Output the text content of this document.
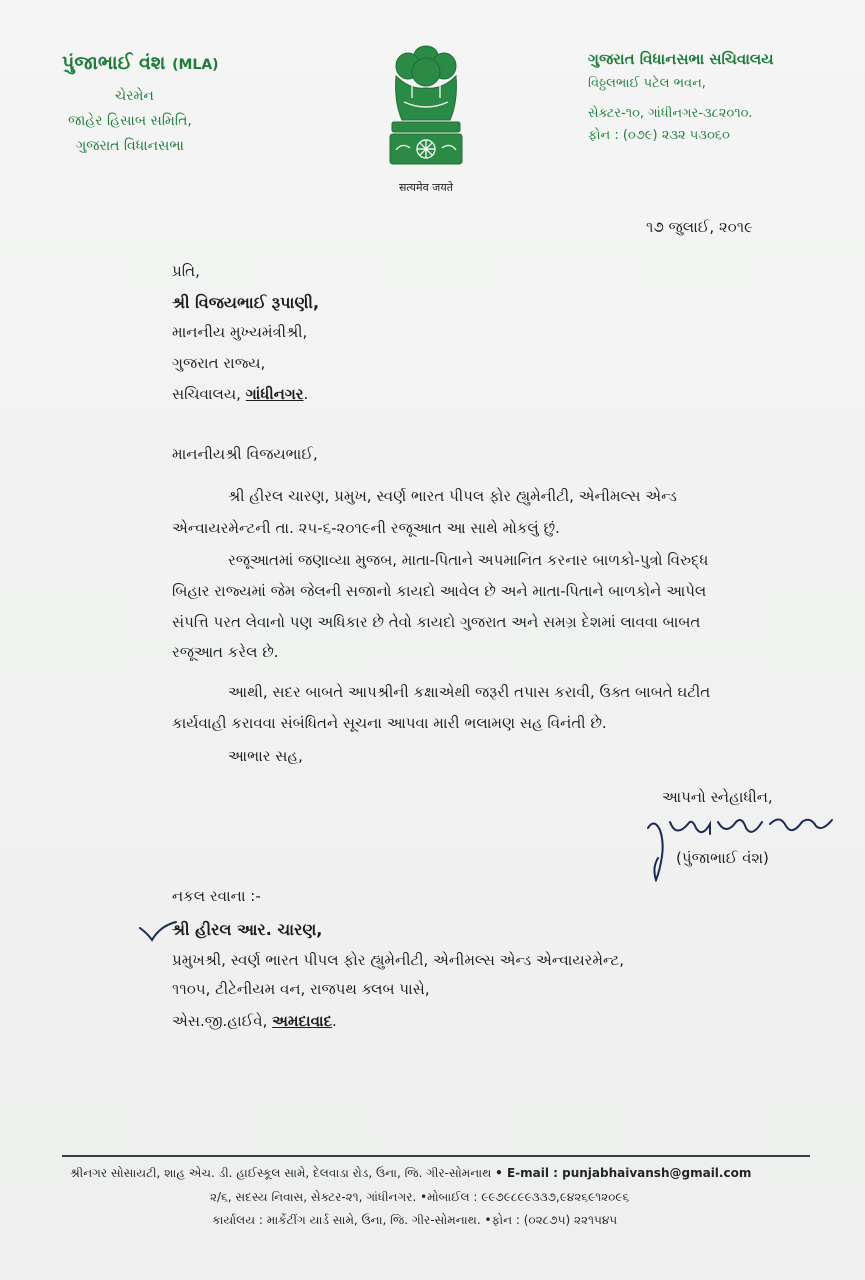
પુંજાભાઈ વંશ (MLA)
ચેરમેન
જાહેર હિસાબ સમિતિ,
ગુજરાત વિધાનસભા
सत्यमेव जयते
ગુજરાત વિધાનસભા સચિવાલય
વિઠ્ઠલભાઈ પટેલ ભવન,
સેક્ટર-૧૦, ગાંધીનગર-૩૮૨૦૧૦.
ફોન : (૦૭૯) ૨૩૨ ૫૩૦૬૦
૧૭ જુલાઈ, ૨૦૧૯
પ્રતિ,
શ્રી વિજયભાઈ રૂપાણી,
માનનીય મુખ્યમંત્રીશ્રી,
ગુજરાત રાજ્ય,
સચિવાલય, ગાંધીનગર.
માનનીયશ્રી વિજયભાઈ,
શ્રી હીરલ ચારણ, પ્રમુખ, સ્વર્ણ ભારત પીપલ ફોર હ્યુમેનીટી, એનીમલ્સ એન્ડ
એન્વાયરમેન્ટની તા. ૨૫-૬-૨૦૧૯ની રજૂઆત આ સાથે મોકલું છું.
રજૂઆતમાં જણાવ્યા મુજબ, માતા-પિતાને અપમાનિત કરનાર બાળકો-પુત્રો વિરુદ્ધ
બિહાર રાજ્યમાં જેમ જેલની સજાનો કાયદો આવેલ છે અને માતા-પિતાને બાળકોને આપેલ
સંપત્તિ પરત લેવાનો પણ અધિકાર છે તેવો કાયદો ગુજરાત અને સમગ્ર દેશમાં લાવવા બાબત
રજૂઆત કરેલ છે.
આથી, સદર બાબતે આપશ્રીની કક્ષાએથી જરૂરી તપાસ કરાવી, ઉક્ત બાબતે ઘટીત
કાર્યવાહી કરાવવા સંબંધિતને સૂચના આપવા મારી ભલામણ સહ વિનંતી છે.
આભાર સહ,
આપનો સ્નેહાધીન,
(પુંજાભાઈ વંશ)
નકલ રવાના :-
શ્રી હીરલ આર. ચારણ,
પ્રમુખશ્રી, સ્વર્ણ ભારત પીપલ ફોર હ્યુમેનીટી, એનીમલ્સ એન્ડ એન્વાયરમેન્ટ,
૧૧૦૫, ટીટેનીયમ વન, રાજપથ ક્લબ પાસે,
એસ.જી.હાઈવે, અમદાવાદ.
શ્રીનગર સોસાયટી, શાહ એચ. ડી. હાઈસ્કૂલ સામે, દેલવાડા રોડ, ઉના, જિ. ગીર-સોમનાથ • E-mail : punjabhaivansh@gmail.com
૨/૬, સદસ્ય નિવાસ, સેક્ટર-૨૧, ગાંધીનગર. •મોબાઈલ : ૯૯૭૯૮૯૯૩૩૭,૯૪૨૬૯૧૨૦૯૬
કાર્યાલય : માર્કેટીંગ યાર્ડ સામે, ઉના, જિ. ગીર-સોમનાથ. •ફોન : (૦૨૮૭૫) ૨૨૧૫૪૫
